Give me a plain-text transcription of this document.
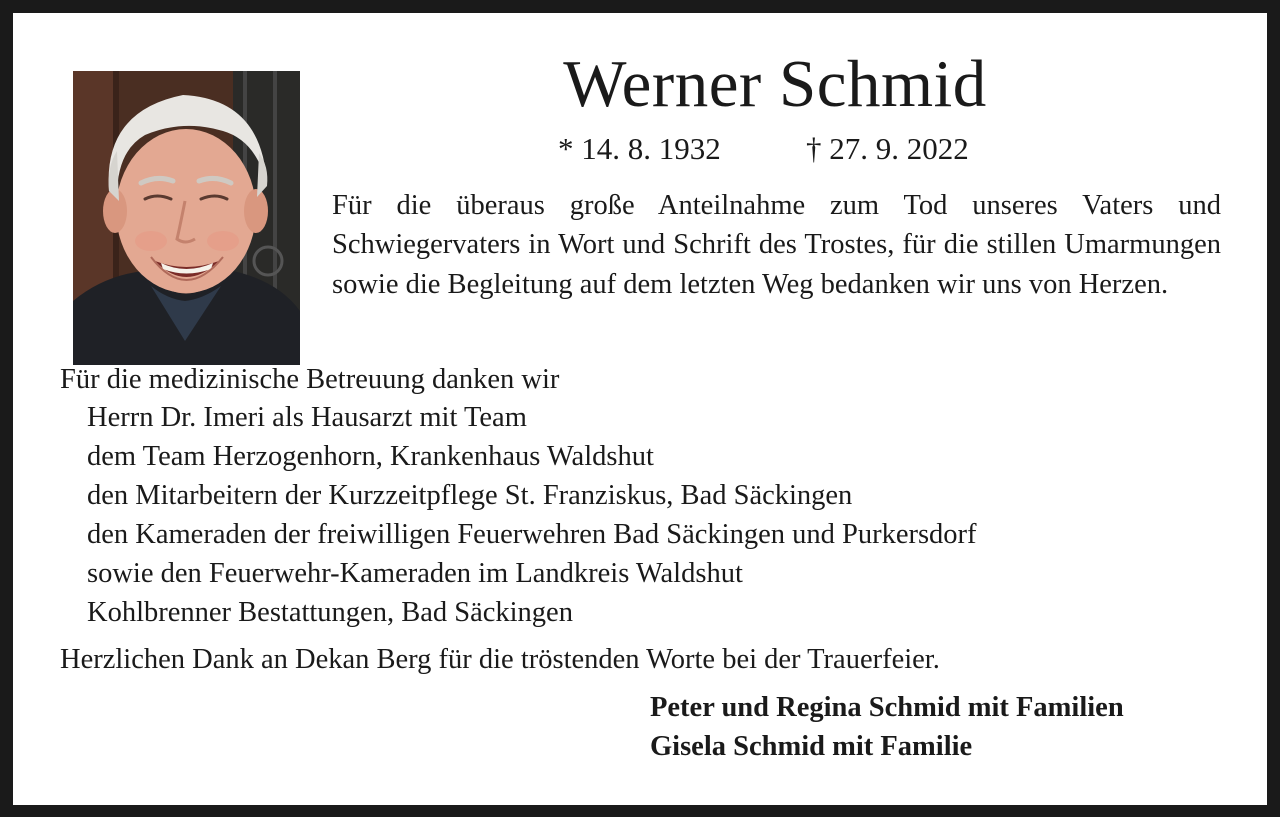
Werner Schmid
* 14. 8. 1932	† 27. 9. 2022
Für die überaus große Anteilnahme zum Tod unseres Vaters und Schwiegervaters in Wort und Schrift des Trostes, für die stillen Umarmungen sowie die Begleitung auf dem letzten Weg bedanken wir uns von Herzen.
Für die medizinische Betreuung danken wir
Herrn Dr. Imeri als Hausarzt mit Team
dem Team Herzogenhorn, Krankenhaus Waldshut
den Mitarbeitern der Kurzzeitpflege St. Franziskus, Bad Säckingen
den Kameraden der freiwilligen Feuerwehren Bad Säckingen und Purkersdorf
sowie den Feuerwehr-Kameraden im Landkreis Waldshut
Kohlbrenner Bestattungen, Bad Säckingen
Herzlichen Dank an Dekan Berg für die tröstenden Worte bei der Trauerfeier.
Peter und Regina Schmid mit Familien
Gisela Schmid mit Familie
